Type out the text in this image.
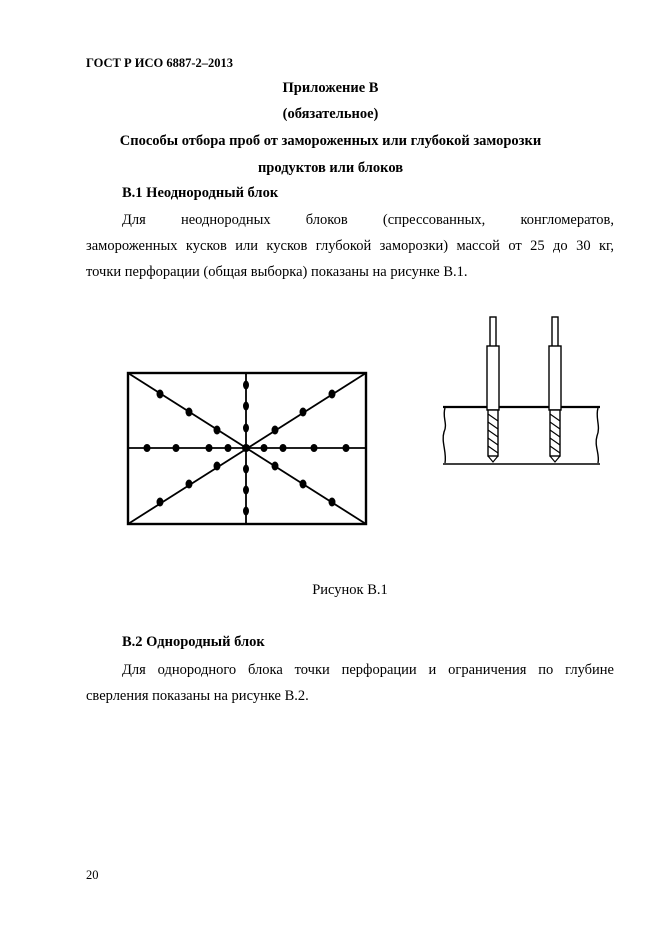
ГОСТ Р ИСО 6887-2–2013
Приложение В
(обязательное)
Способы отбора проб от замороженных или глубокой заморозки
продуктов или блоков
В.1 Неоднородный блок
Для неоднородных блоков (спрессованных, конгломератов,
замороженных кусков или кусков глубокой заморозки) массой от 25 до 30 кг,
точки перфорации (общая выборка) показаны на рисунке В.1.
Рисунок В.1
В.2 Однородный блок
Для однородного блока точки перфорации и ограничения по глубине
сверления показаны на рисунке В.2.
20
